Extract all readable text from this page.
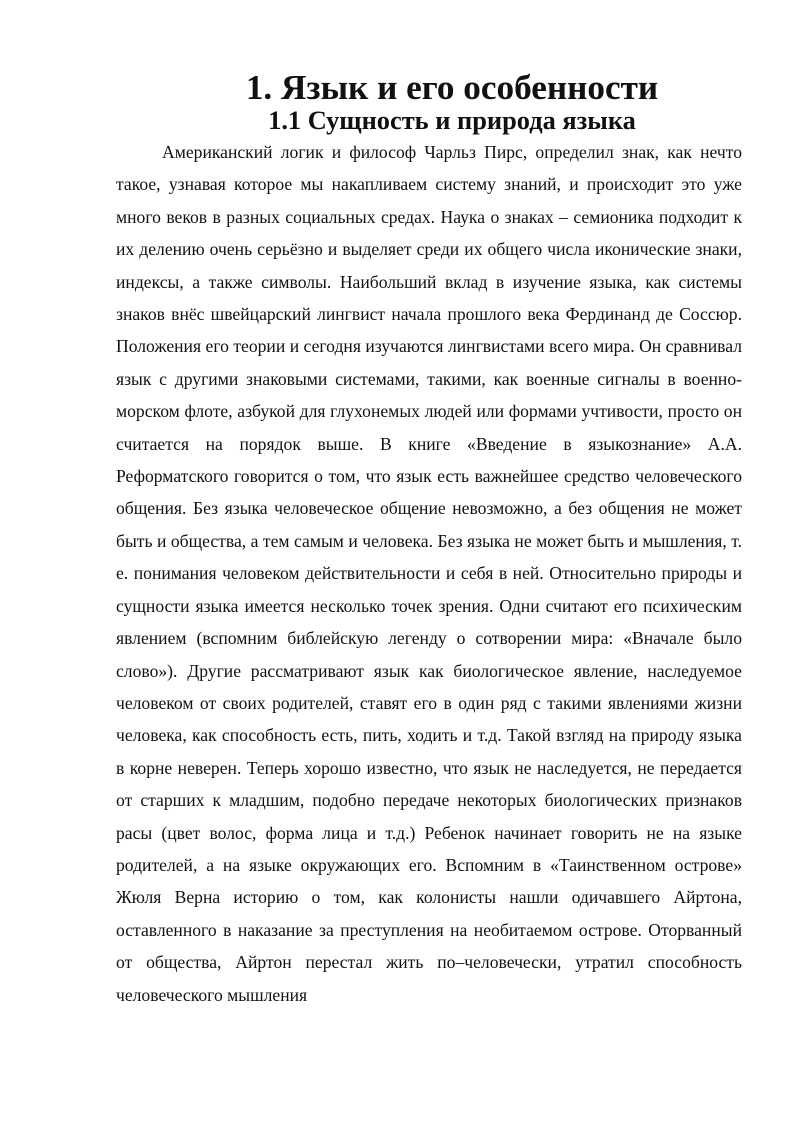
1. Язык и его особенности
1.1 Сущность и природа языка

Американский логик и философ Чарльз Пирс, определил знак, как нечто такое, узнавая которое мы накапливаем систему знаний, и происходит это уже много веков в разных социальных средах. Наука о знаках – семионика подходит к их делению очень серьёзно и выделяет среди их общего числа иконические знаки, индексы, а также символы. Наибольший вклад в изучение языка, как системы знаков внёс швейцарский лингвист начала прошлого века Фердинанд де Соссюр. Положения его теории и сегодня изучаются лингвистами всего мира. Он сравнивал язык с другими знаковыми системами, такими, как военные сигналы в военно-морском флоте, азбукой для глухонемых людей или формами учтивости, просто он считается на порядок выше. В книге «Введение в языкознание» А.А. Реформатского говорится о том, что язык есть важнейшее средство человеческого общения. Без языка человеческое общение невозможно, а без общения не может быть и общества, а тем самым и человека. Без языка не может быть и мышления, т. е. понимания человеком действительности и себя в ней. Относительно природы и сущности языка имеется несколько точек зрения. Одни считают его психическим явлением (вспомним библейскую легенду о сотворении мира: «Вначале было слово»). Другие рассматривают язык как биологическое явление, наследуемое человеком от своих родителей, ставят его в один ряд с такими явлениями жизни человека, как способность есть, пить, ходить и т.д. Такой взгляд на природу языка в корне неверен. Теперь хорошо известно, что язык не наследуется, не передается от старших к младшим, подобно передаче некоторых биологических признаков расы (цвет волос, форма лица и т.д.) Ребенок начинает говорить не на языке родителей, а на языке окружающих его. Вспомним в «Таинственном острове» Жюля Верна историю о том, как колонисты нашли одичавшего Айртона, оставленного в наказание за преступления на необитаемом острове. Оторванный от общества, Айртон перестал жить по–человечески, утратил способность человеческого мышления
